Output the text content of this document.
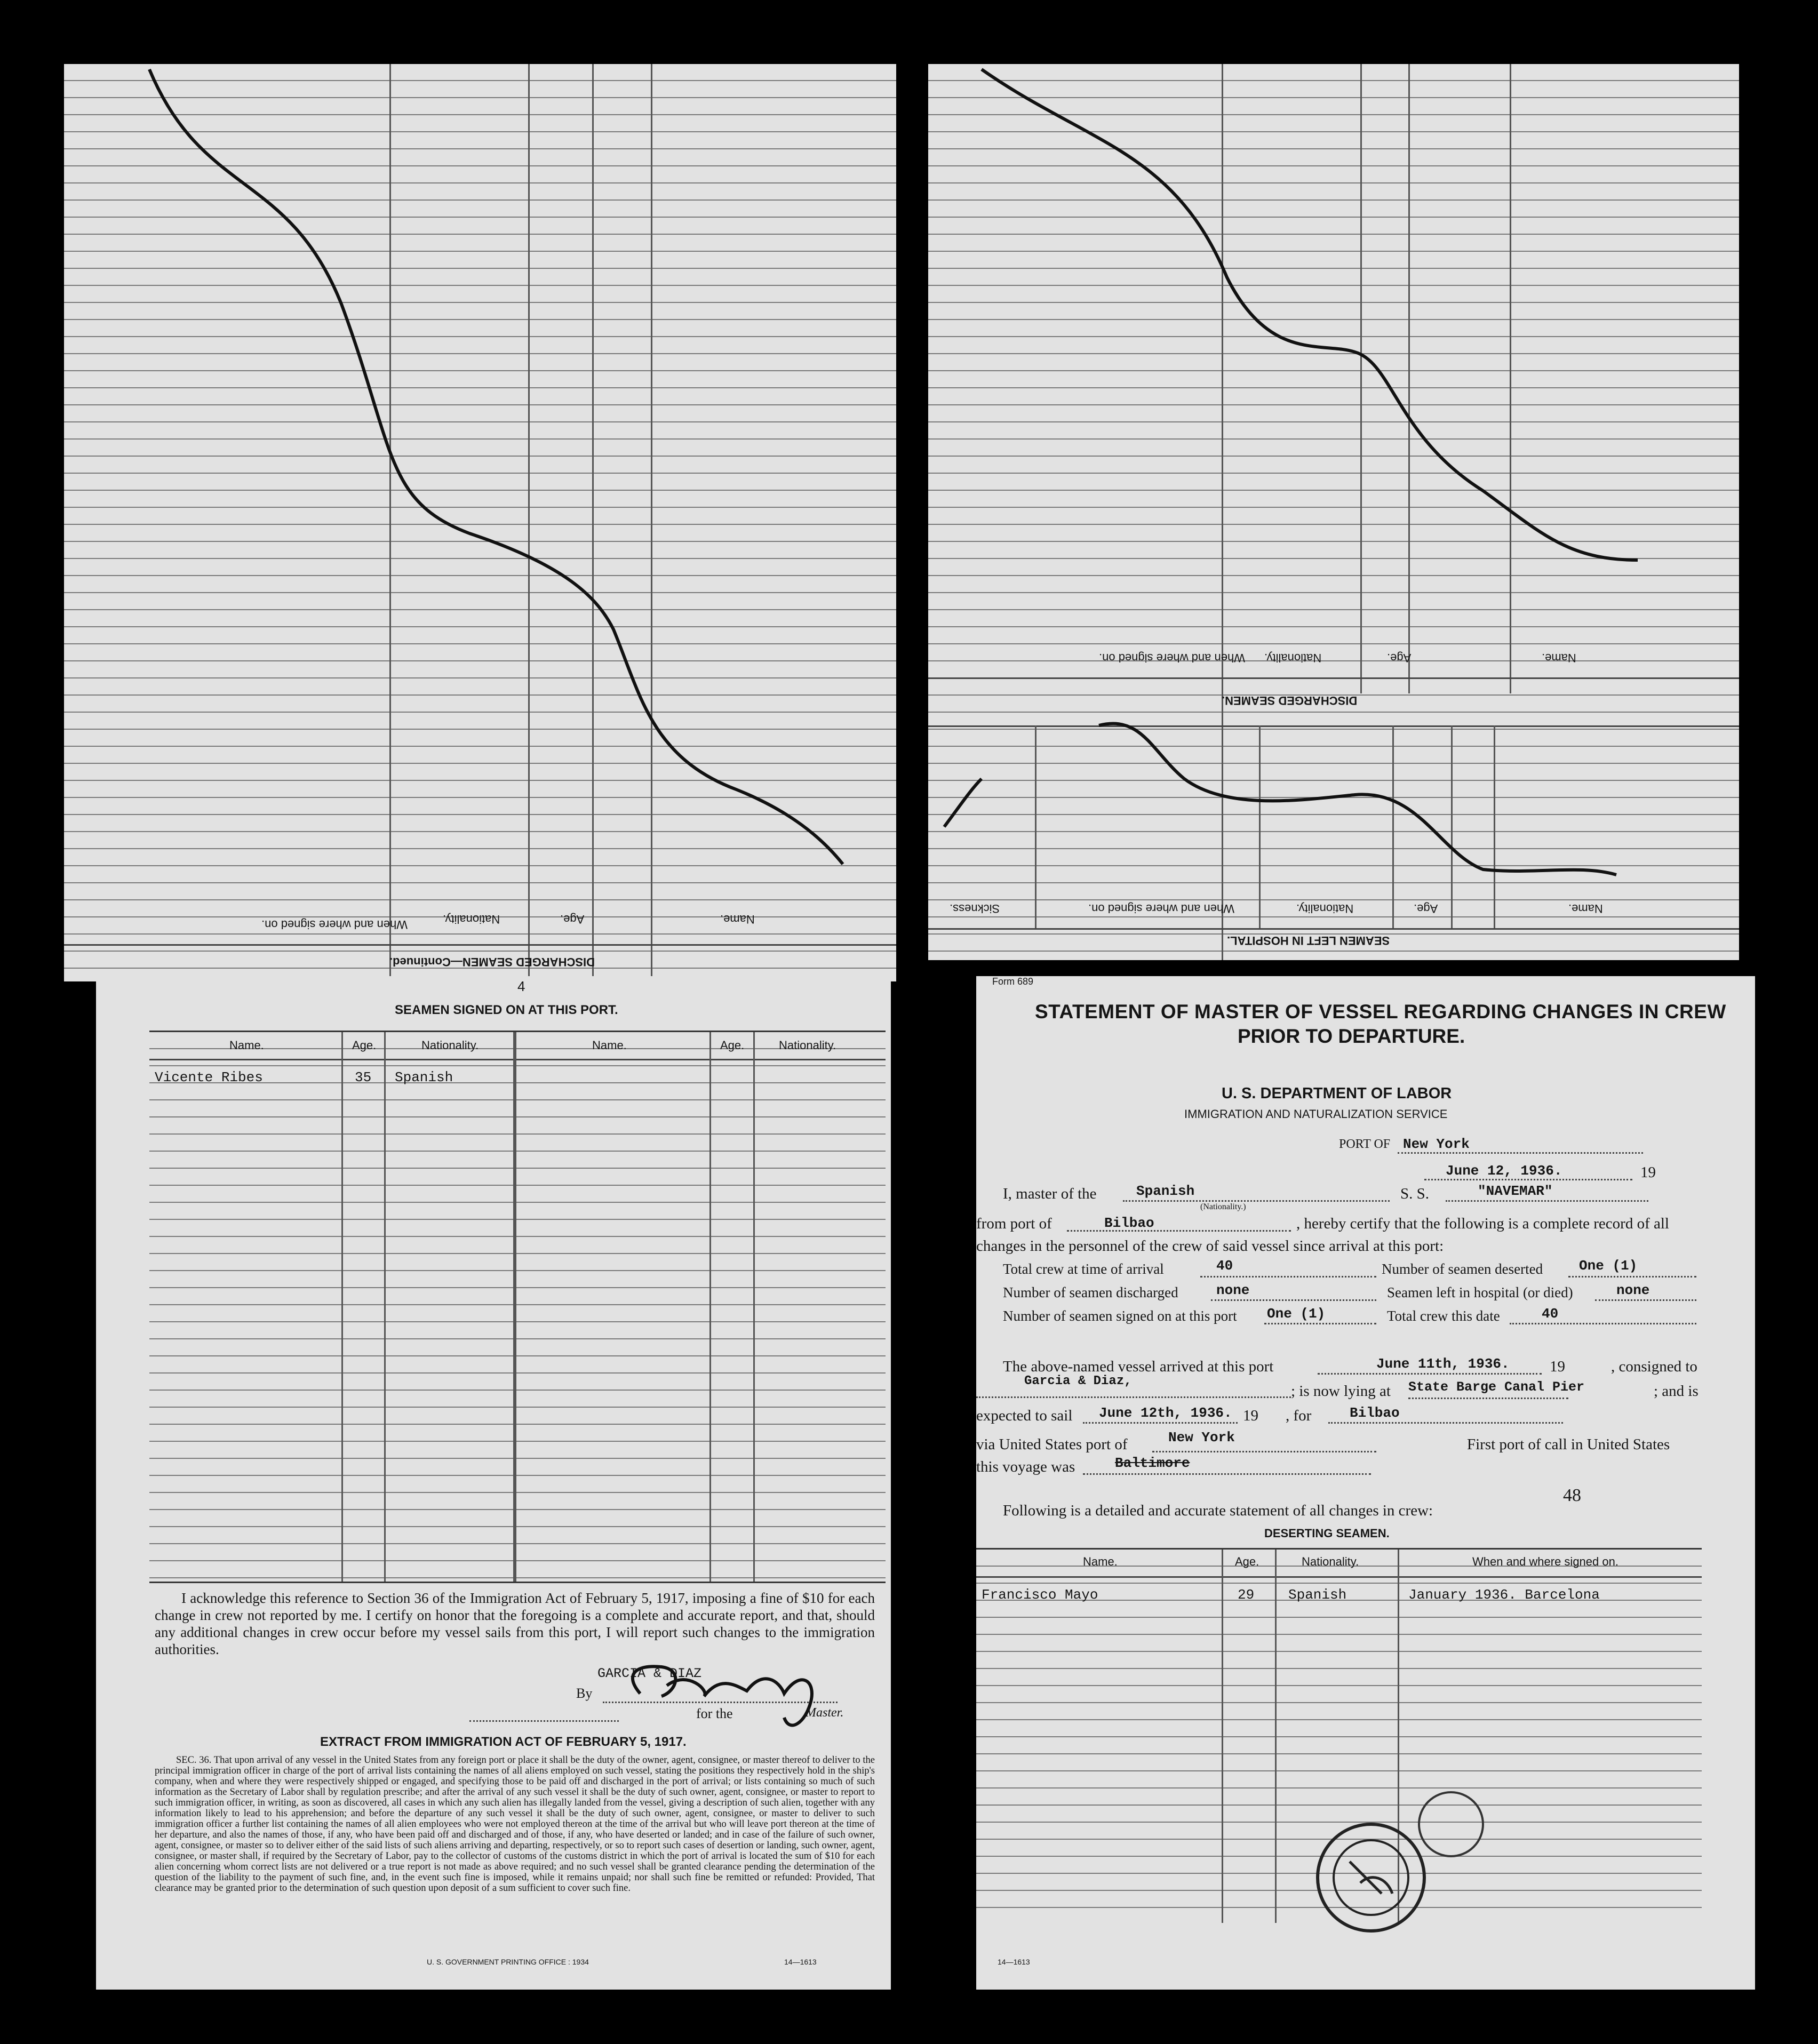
DISCHARGED SEAMEN—Continued.
When and where signed on.	Nationality.	Age.	Name.
DISCHARGED SEAMEN.
When and where signed on. Nationality.	Age.	Name.
SEAMEN LEFT IN HOSPITAL.
Sickness.	When and where signed on.	Nationality.	Age.	Name.
4
SEAMEN SIGNED ON AT THIS PORT.
Name.	Age.	Nationality.	Name.	Age.	Nationality.
Vicente Ribes	35 Spanish
I acknowledge this reference to Section 36 of the Immigration Act of February 5, 1917, imposing a fine of $10 for each change in crew not reported by me. I certify on honor that the foregoing is a complete and accurate report, and that, should any additional changes in crew occur before my vessel sails from this port, I will report such changes to the immigration authorities.
GARCIA & DIAZ
By
for the	Master.
EXTRACT FROM IMMIGRATION ACT OF FEBRUARY 5, 1917.
SEC. 36. That upon arrival of any vessel in the United States from any foreign port or place it shall be the duty of the owner, agent, consignee, or master thereof to deliver to the principal immigration officer in charge of the port of arrival lists containing the names of all aliens employed on such vessel, stating the positions they respectively hold in the ship's company, when and where they were respectively shipped or engaged, and specifying those to be paid off and discharged in the port of arrival; or lists containing so much of such information as the Secretary of Labor shall by regulation prescribe; and after the arrival of any such vessel it shall be the duty of such owner, agent, consignee, or master to report to such immigration officer, in writing, as soon as discovered, all cases in which any such alien has illegally landed from the vessel, giving a description of such alien, together with any information likely to lead to his apprehension; and before the departure of any such vessel it shall be the duty of such owner, agent, consignee, or master to deliver to such immigration officer a further list containing the names of all alien employees who were not employed thereon at the time of the arrival but who will leave port thereon at the time of her departure, and also the names of those, if any, who have been paid off and discharged and of those, if any, who have deserted or landed; and in case of the failure of such owner, agent, consignee, or master so to deliver either of the said lists of such aliens arriving and departing, respectively, or so to report such cases of desertion or landing, such owner, agent, consignee, or master shall, if required by the Secretary of Labor, pay to the collector of customs of the customs district in which the port of arrival is located the sum of $10 for each alien concerning whom correct lists are not delivered or a true report is not made as above required; and no such vessel shall be granted clearance pending the determination of the question of the liability to the payment of such fine, and, in the event such fine is imposed, while it remains unpaid; nor shall such fine be remitted or refunded: Provided, That clearance may be granted prior to the determination of such question upon deposit of a sum sufficient to cover such fine.
U. S. GOVERNMENT PRINTING OFFICE : 1934	14—1613
Form 689
STATEMENT OF MASTER OF VESSEL REGARDING CHANGES IN CREW
PRIOR TO DEPARTURE.
U. S. DEPARTMENT OF LABOR
IMMIGRATION AND NATURALIZATION SERVICE
PORT OF New York
June 12, 1936.	19
I, master of the	Spanish
(Nationality.)
S. S.	"NAVEMAR"
from port of	Bilbao	, hereby certify that the following is a complete record of all
changes in the personnel of the crew of said vessel since arrival at this port:
Total crew at time of arrival	40	Number of seamen deserted	One (1)
Number of seamen discharged	none	Seamen left in hospital (or died)	none
Number of seamen signed on at this port One (1)	Total crew this date	40
The above-named vessel arrived at this port	June 11th, 1936.	19	, consigned to
Garcia & Diaz,
; is now lying at State Barge Canal Pier	; and is
expected to sail June 12th, 1936. 19 , for	Bilbao
via United States port of	New York	First port of call in United States
this voyage was	Baltimore
48
Following is a detailed and accurate statement of all changes in crew:
DESERTING SEAMEN.
Name.	Age.	Nationality.	When and where signed on.
Francisco Mayo	29 Spanish	January 1936. Barcelona
14—1613
